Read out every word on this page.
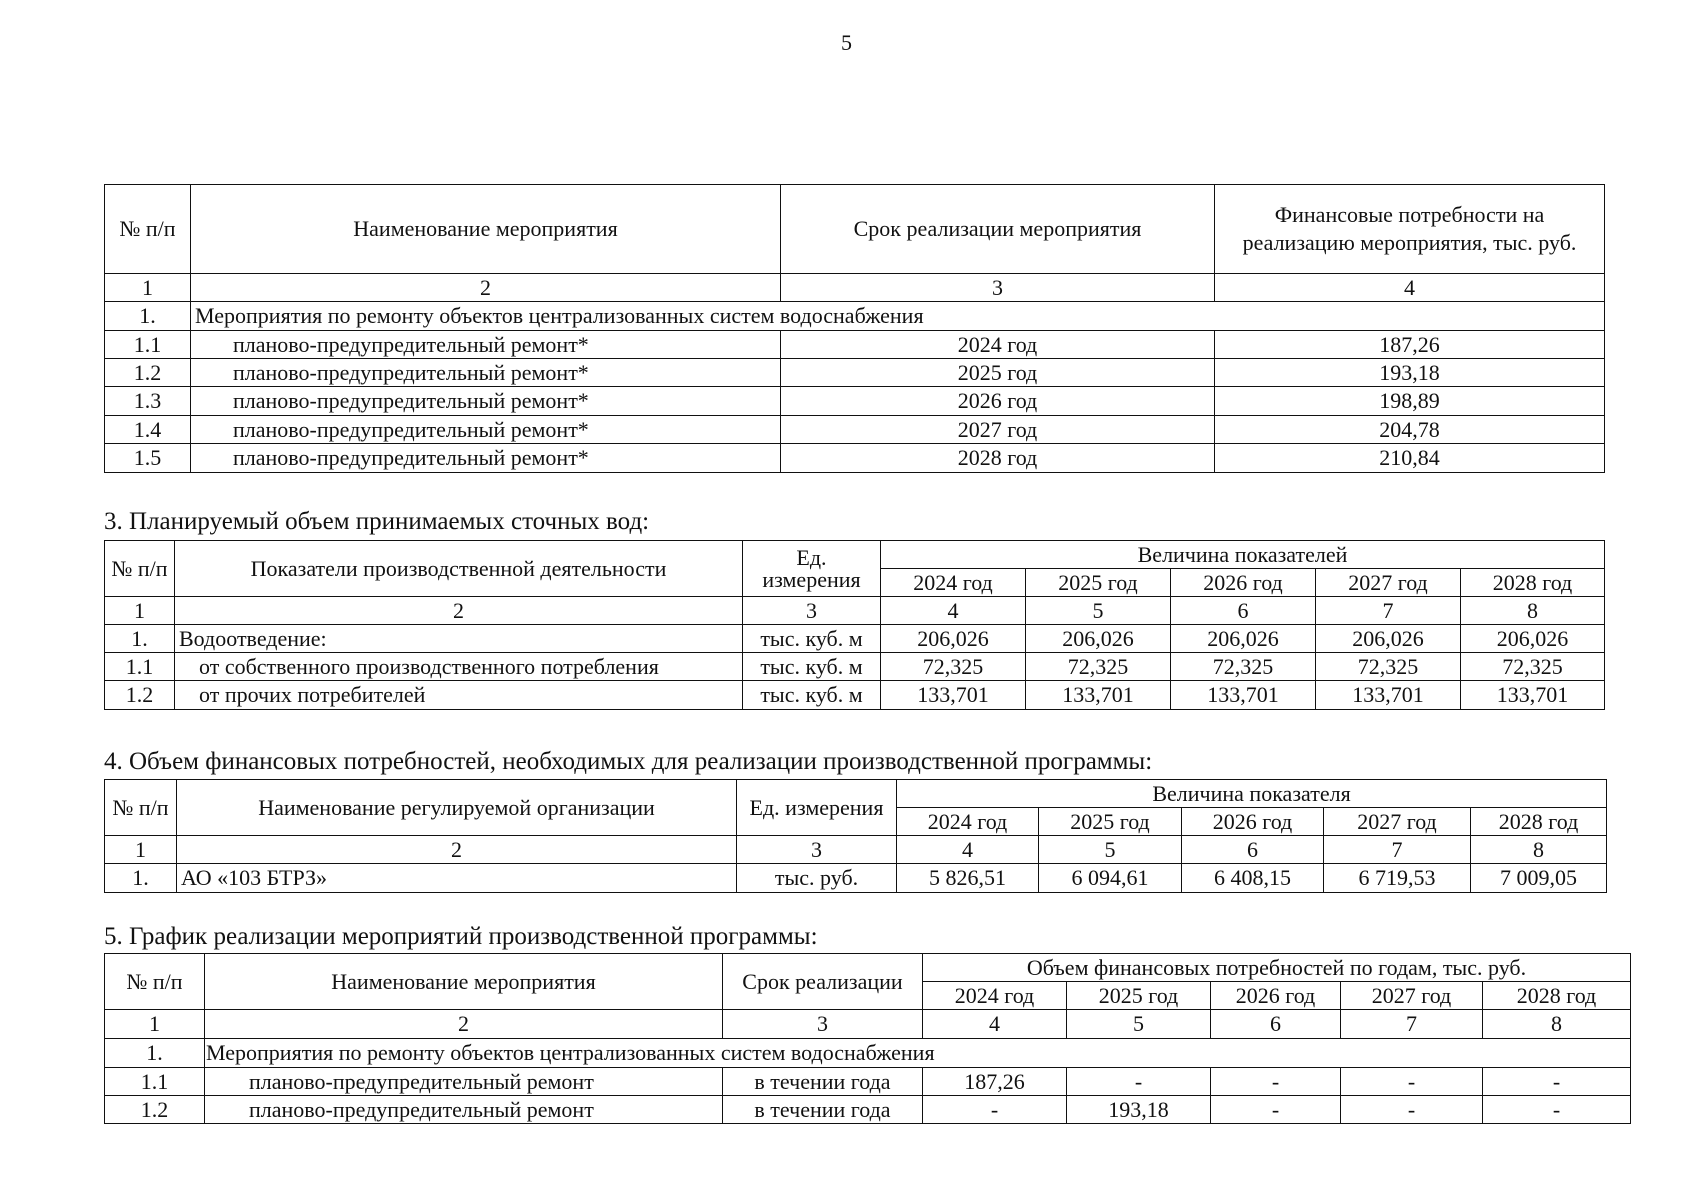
5
№ п/п	Наименование мероприятия	Срок реализации мероприятия	Финансовые потребности на реализацию мероприятия, тыс. руб.
1	2	3	4
1.	Мероприятия по ремонту объектов централизованных систем водоснабжения		
1.1	планово-предупредительный ремонт*	2024 год	187,26
1.2	планово-предупредительный ремонт*	2025 год	193,18
1.3	планово-предупредительный ремонт*	2026 год	198,89
1.4	планово-предупредительный ремонт*	2027 год	204,78
1.5	планово-предупредительный ремонт*	2028 год	210,84
3. Планируемый объем принимаемых сточных вод:
№ п/п	Показатели производственной деятельности	Ед. измерения	Величина показателей				
			2024 год	2025 год	2026 год	2027 год	2028 год
1	2	3	4	5	6	7	8
1.	Водоотведение:	тыс. куб. м	206,026	206,026	206,026	206,026	206,026
1.1	от собственного производственного потребления	тыс. куб. м	72,325	72,325	72,325	72,325	72,325
1.2	от прочих потребителей	тыс. куб. м	133,701	133,701	133,701	133,701	133,701
4. Объем финансовых потребностей, необходимых для реализации производственной программы:
№ п/п	Наименование регулируемой организации	Ед. измерения	Величина показателя				
			2024 год	2025 год	2026 год	2027 год	2028 год
1	2	3	4	5	6	7	8
1.	АО «103 БТРЗ»	тыс. руб.	5 826,51	6 094,61	6 408,15	6 719,53	7 009,05
5. График реализации мероприятий производственной программы:
№ п/п	Наименование мероприятия	Срок реализации	Объем финансовых потребностей по годам, тыс. руб.				
			2024 год	2025 год	2026 год	2027 год	2028 год
1	2	3	4	5	6	7	8
1.	Мероприятия по ремонту объектов централизованных систем водоснабжения						
1.1	планово-предупредительный ремонт	в течении года	187,26	-	-	-	-
1.2	планово-предупредительный ремонт	в течении года	-	193,18	-	-	-
